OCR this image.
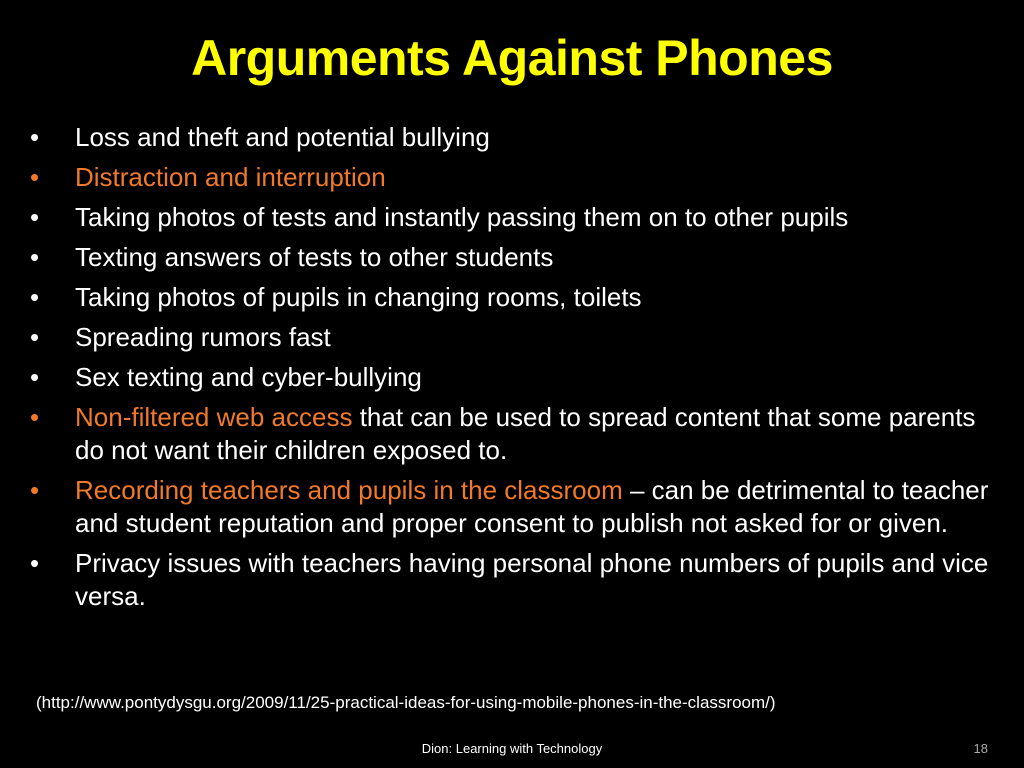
Arguments Against Phones
•	Loss and theft and potential bullying
•	Distraction and interruption
•	Taking photos of tests and instantly passing them on to other pupils
•	Texting answers of tests to other students
•	Taking photos of pupils in changing rooms, toilets
•	Spreading rumors fast
•	Sex texting and cyber-bullying
•	Non-filtered web access that can be used to spread content that some parents do not want their children exposed to.
•	Recording teachers and pupils in the classroom – can be detrimental to teacher and student reputation and proper consent to publish not asked for or given.
•	Privacy issues with teachers having personal phone numbers of pupils and vice versa.
(http://www.pontydysgu.org/2009/11/25-practical-ideas-for-using-mobile-phones-in-the-classroom/)
Dion: Learning with Technology	18
